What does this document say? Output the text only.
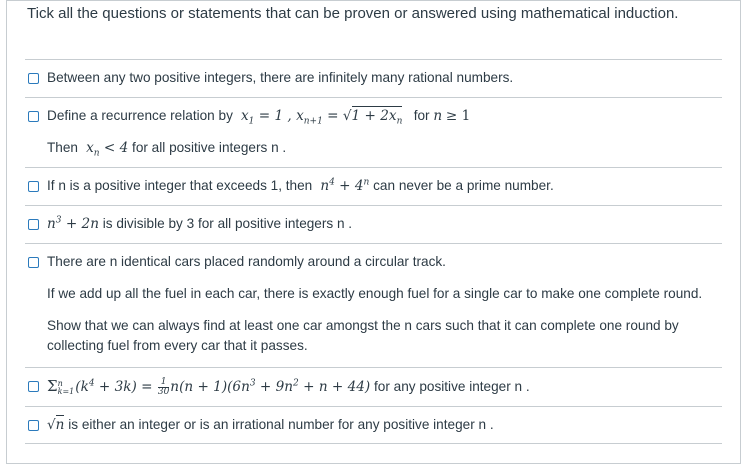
Tick all the questions or statements that can be proven or answered using mathematical induction.
Between any two positive integers, there are infinitely many rational numbers.
Define a recurrence relation by  $x_1 = 1$ , $x_{n+1} = √1 + 2x_n$   for n ≥ 1
Then  $x_n < 4$ for all positive integers n .
If n is a positive integer that exceeds 1, then  $n^4 + 4^n$ can never be a prime number.
$n^3 + 2n$ is divisible by 3 for all positive integers n .
There are n identical cars placed randomly around a circular track.
If we add up all the fuel in each car, there is exactly enough fuel for a single car to make one complete round.
Show that we can always find at least one car amongst the n cars such that it can complete one round by
collecting fuel from every car that it passes.
Σ n
k=1 $(k^4 + 3k) = \frac{1}{30} n(n + 1)(6n^3 + 9n^2 + n + 44)$ for any positive integer n .
√n is either an integer or is an irrational number for any positive integer n .
